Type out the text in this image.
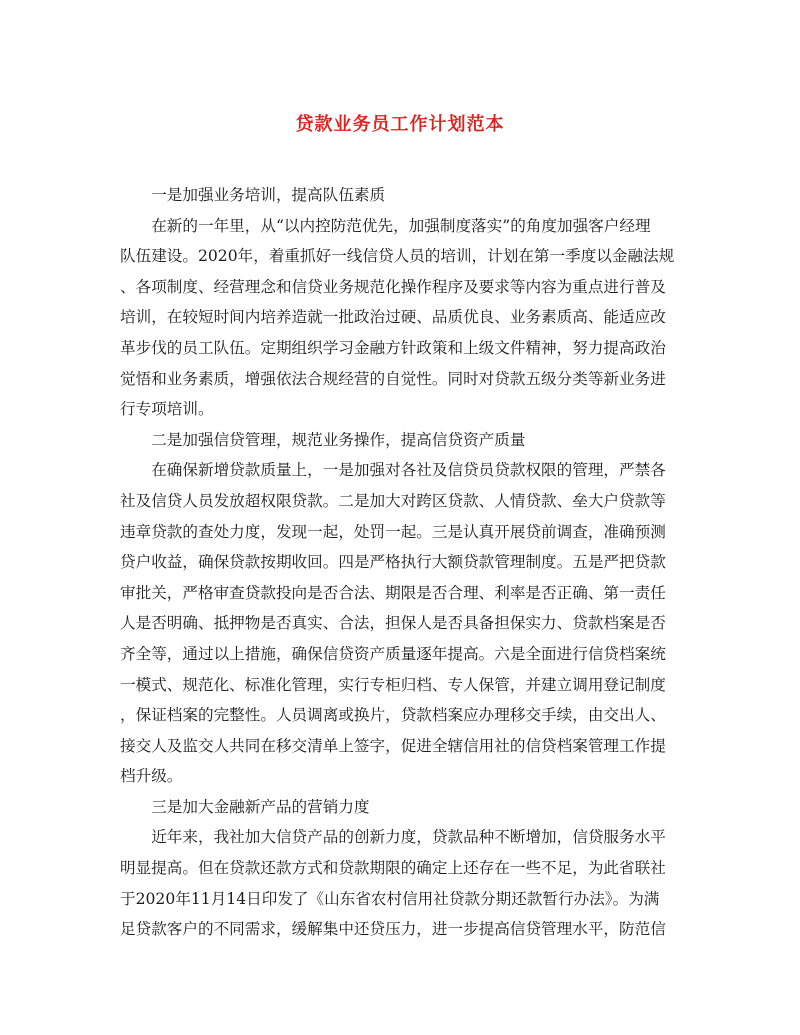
贷款业务员工作计划范本

一是加强业务培训，提高队伍素质

在新的一年里，从“以内控防范优先，加强制度落实”的角度加强客户经理
队伍建设。2020年，着重抓好一线信贷人员的培训，计划在第一季度以金融法规
、各项制度、经营理念和信贷业务规范化操作程序及要求等内容为重点进行普及
培训，在较短时间内培养造就一批政治过硬、品质优良、业务素质高、能适应改
革步伐的员工队伍。定期组织学习金融方针政策和上级文件精神，努力提高政治
觉悟和业务素质，增强依法合规经营的自觉性。同时对贷款五级分类等新业务进
行专项培训。

二是加强信贷管理，规范业务操作，提高信贷资产质量

在确保新增贷款质量上，一是加强对各社及信贷员贷款权限的管理，严禁各
社及信贷人员发放超权限贷款。二是加大对跨区贷款、人情贷款、垒大户贷款等
违章贷款的查处力度，发现一起，处罚一起。三是认真开展贷前调查，准确预测
贷户收益，确保贷款按期收回。四是严格执行大额贷款管理制度。五是严把贷款
审批关，严格审查贷款投向是否合法、期限是否合理、利率是否正确、第一责任
人是否明确、抵押物是否真实、合法，担保人是否具备担保实力、贷款档案是否
齐全等，通过以上措施，确保信贷资产质量逐年提高。六是全面进行信贷档案统
一模式、规范化、标准化管理，实行专柜归档、专人保管，并建立调用登记制度
，保证档案的完整性。人员调离或换片，贷款档案应办理移交手续，由交出人、
接交人及监交人共同在移交清单上签字，促进全辖信用社的信贷档案管理工作提
档升级。

三是加大金融新产品的营销力度

近年来，我社加大信贷产品的创新力度，贷款品种不断增加，信贷服务水平
明显提高。但在贷款还款方式和贷款期限的确定上还存在一些不足，为此省联社
于2020年11月14日印发了《山东省农村信用社贷款分期还款暂行办法》。为满
足贷款客户的不同需求，缓解集中还贷压力，进一步提高信贷管理水平，防范信
